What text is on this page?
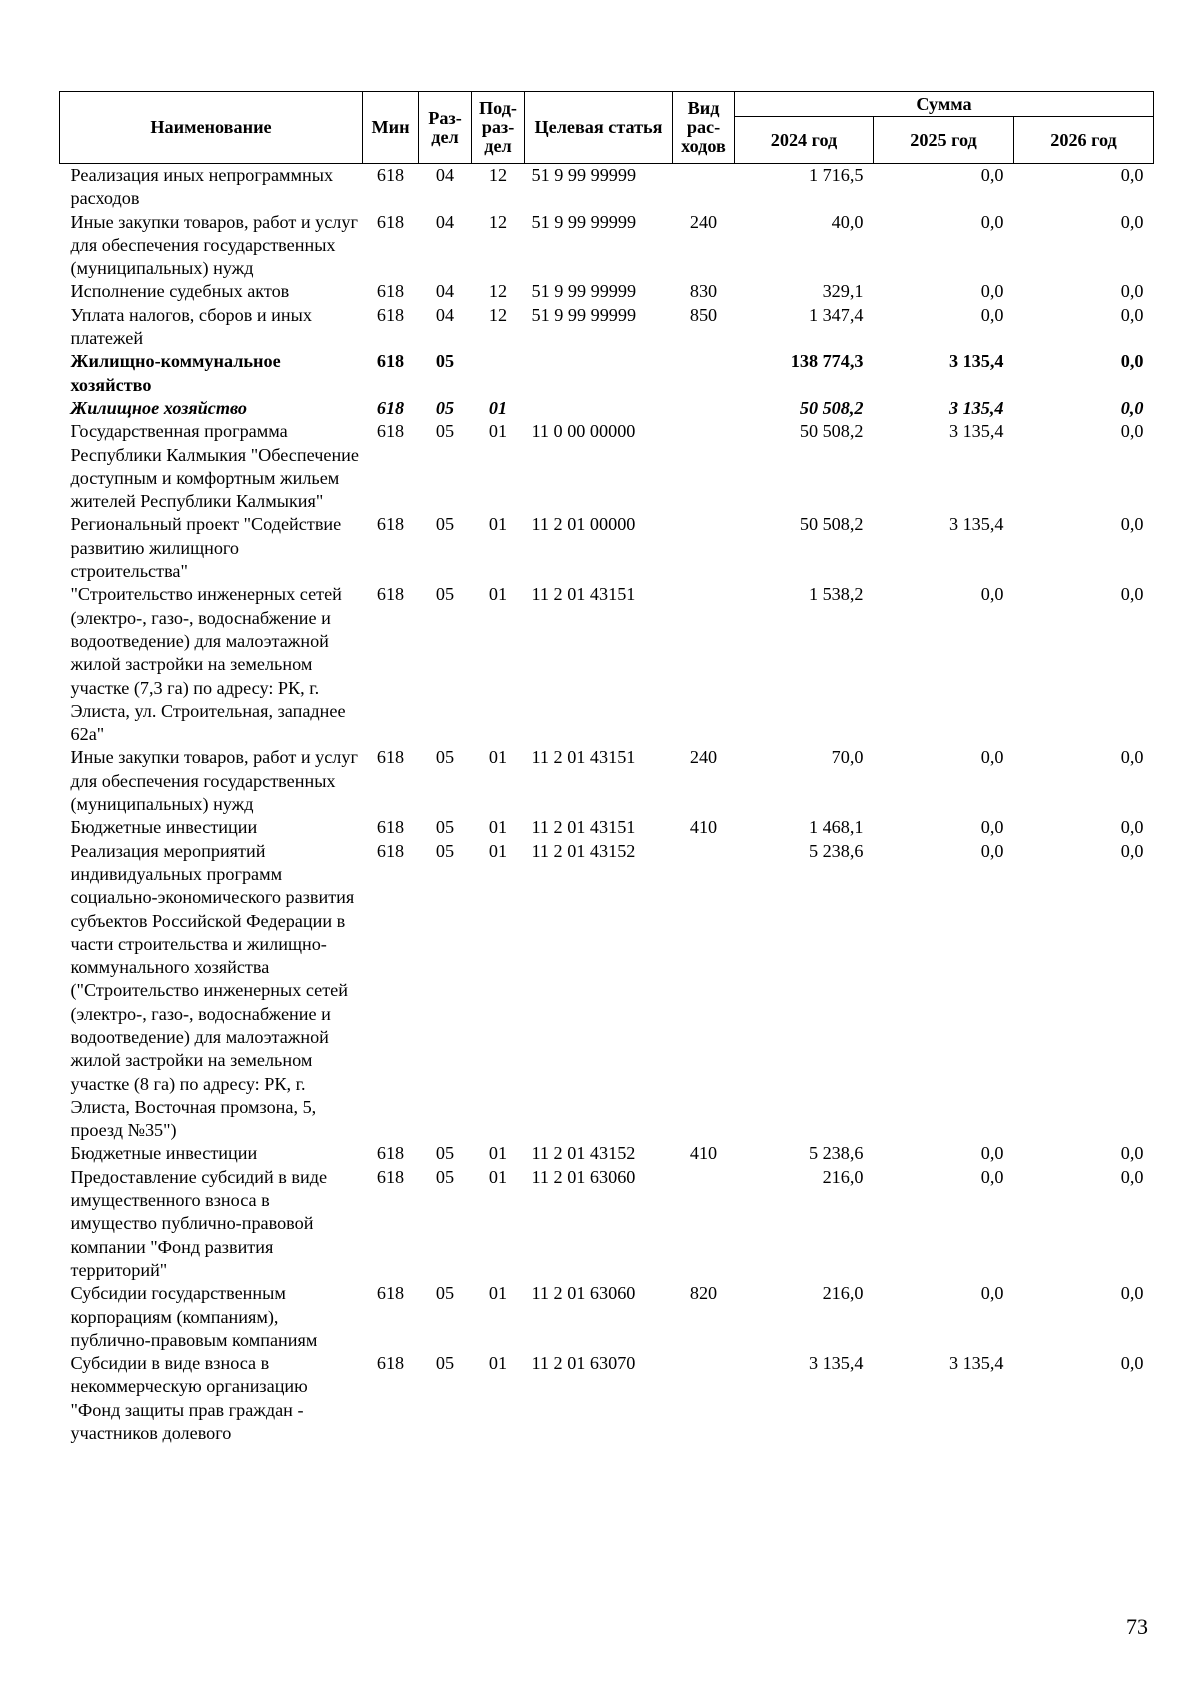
Наименование	Мин	Раз-дел	Под-раз-дел	Целевая статья	Вид рас-ходов	Сумма		
						2024 год	2025 год	2026 год
Реализация иных непрограммных расходов	618	04	12	51 9 99 99999		1 716,5	0,0	0,0
Иные закупки товаров, работ и услуг для обеспечения государственных (муниципальных) нужд	618	04	12	51 9 99 99999	240	40,0	0,0	0,0
Исполнение судебных актов	618	04	12	51 9 99 99999	830	329,1	0,0	0,0
Уплата налогов, сборов и иных платежей	618	04	12	51 9 99 99999	850	1 347,4	0,0	0,0
Жилищно-коммунальное хозяйство	618	05				138 774,3	3 135,4	0,0
Жилищное хозяйство	618	05	01			50 508,2	3 135,4	0,0
Государственная программа Республики Калмыкия "Обеспечение доступным и комфортным жильем жителей Республики Калмыкия"	618	05	01	11 0 00 00000		50 508,2	3 135,4	0,0
Региональный проект "Содействие развитию жилищного строительства"	618	05	01	11 2 01 00000		50 508,2	3 135,4	0,0
"Строительство инженерных сетей (электро-, газо-, водоснабжение и водоотведение) для малоэтажной жилой застройки на земельном участке (7,3 га) по адресу: РК, г. Элиста, ул. Строительная, западнее 62а"	618	05	01	11 2 01 43151		1 538,2	0,0	0,0
Иные закупки товаров, работ и услуг для обеспечения государственных (муниципальных) нужд	618	05	01	11 2 01 43151	240	70,0	0,0	0,0
Бюджетные инвестиции	618	05	01	11 2 01 43151	410	1 468,1	0,0	0,0
Реализация мероприятий индивидуальных программ социально-экономического развития субъектов Российской Федерации в части строительства и жилищно-коммунального хозяйства ("Строительство инженерных сетей (электро-, газо-, водоснабжение и водоотведение) для малоэтажной жилой застройки на земельном участке (8 га) по адресу: РК, г. Элиста, Восточная промзона, 5, проезд №35")	618	05	01	11 2 01 43152		5 238,6	0,0	0,0
Бюджетные инвестиции	618	05	01	11 2 01 43152	410	5 238,6	0,0	0,0
Предоставление субсидий в виде имущественного взноса в имущество публично-правовой компании "Фонд развития территорий"	618	05	01	11 2 01 63060		216,0	0,0	0,0
Субсидии государственным корпорациям (компаниям), публично-правовым компаниям	618	05	01	11 2 01 63060	820	216,0	0,0	0,0
Субсидии в виде взноса в некоммерческую организацию "Фонд защиты прав граждан - участников долевого	618	05	01	11 2 01 63070		3 135,4	3 135,4	0,0
73
